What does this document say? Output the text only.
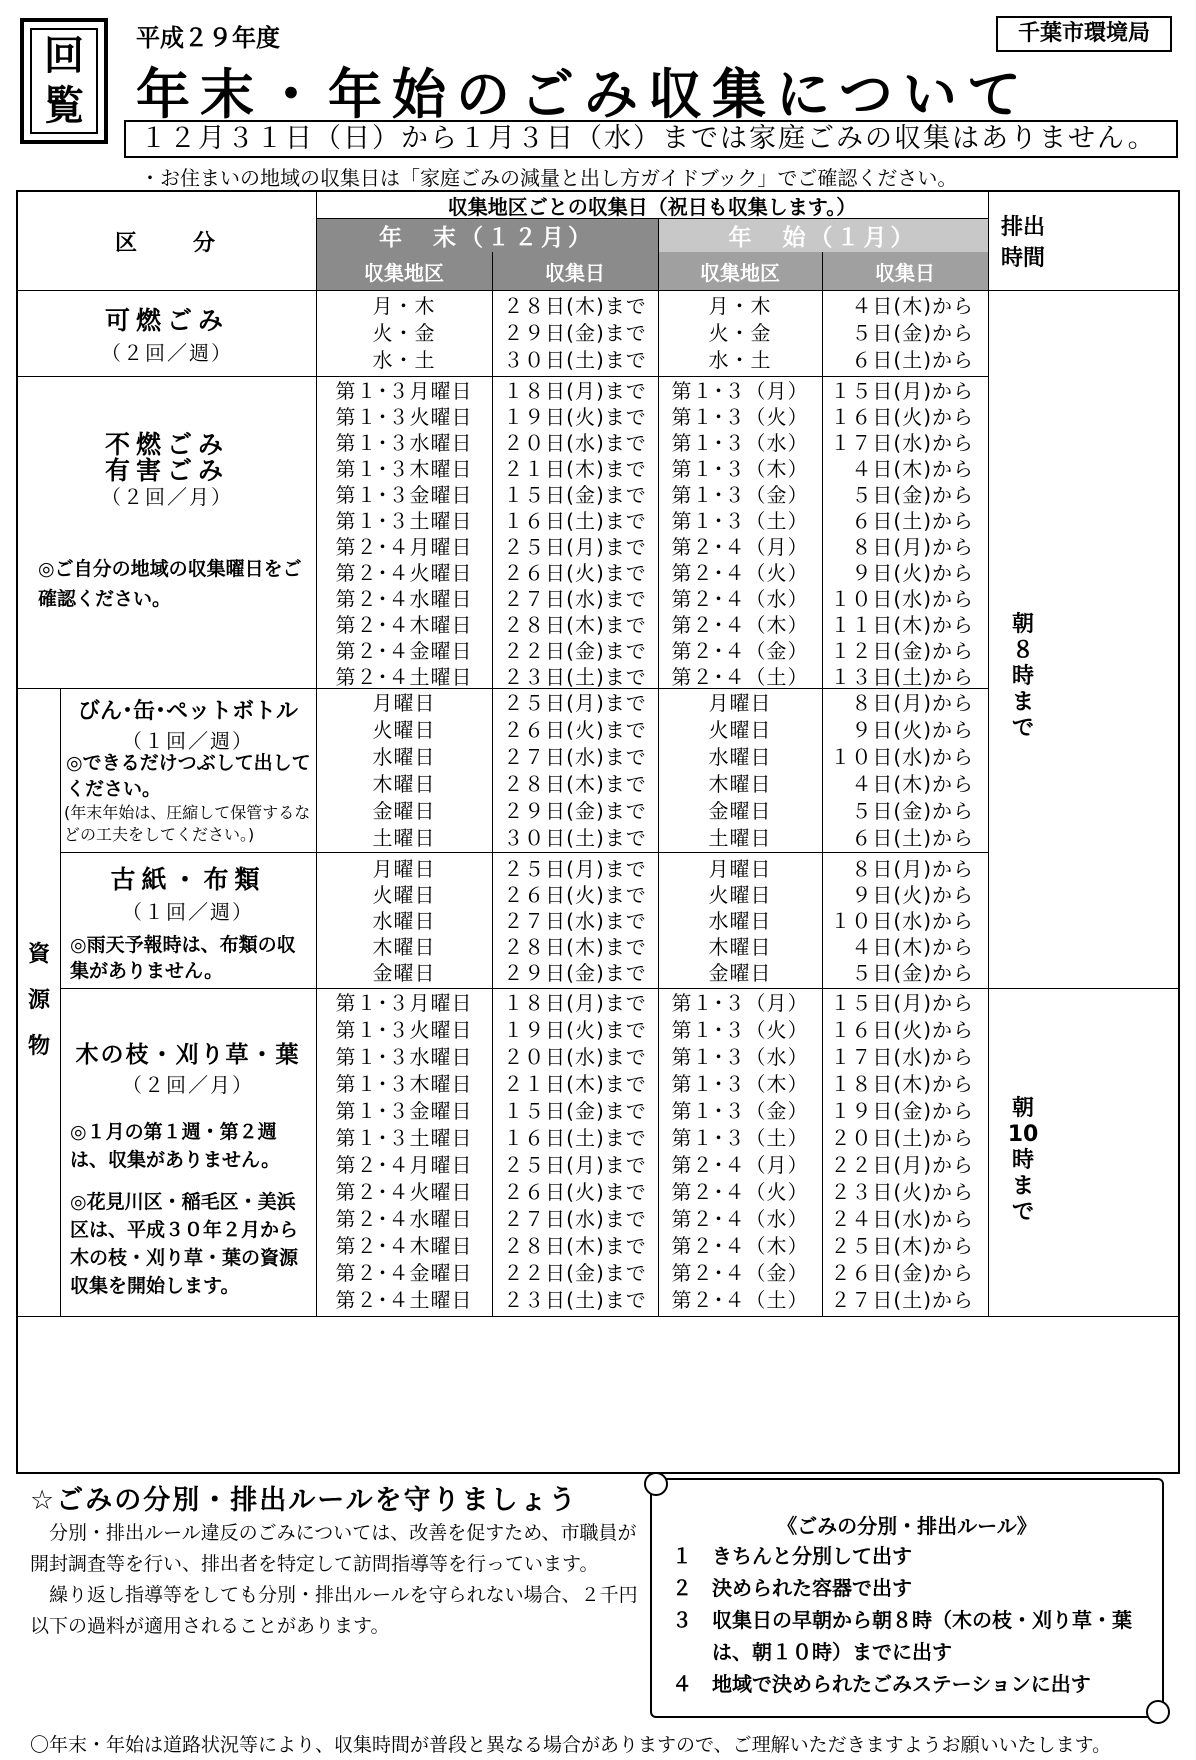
回
覧
平成２９年度	千葉市環境局
年末・年始のごみ収集について
１２月３１日（日）から１月３日（水）までは家庭ごみの収集はありません。
・お住まいの地域の収集日は「家庭ごみの減量と出し方ガイドブック」でご確認ください。
区　　分
収集地区ごとの収集日（祝日も収集します。）
年　末（１２月）	年　始（１月）
収集地区	収集日	収集地区	収集日
排出
時間
可燃ごみ
（２回／週）
月・木	２８日(木)まで	月・木	４日(木)から
火・金	２９日(金)まで	火・金	５日(金)から
水・土	３０日(土)まで	水・土	６日(土)から
不燃ごみ
有害ごみ
（２回／月）
◎ご自分の地域の収集曜日をご確認ください。
第１･３月曜日	１８日(月)まで	第１･３（月）	１５日(月)から
第１･３火曜日	１９日(火)まで	第１･３（火）	１６日(火)から
第１･３水曜日	２０日(水)まで	第１･３（水）	１７日(水)から
第１･３木曜日	２１日(木)まで	第１･３（木）	４日(木)から
第１･３金曜日	１５日(金)まで	第１･３（金）	５日(金)から
第１･３土曜日	１６日(土)まで	第１･３（土）	６日(土)から
第２･４月曜日	２５日(月)まで	第２･４（月）	８日(月)から
第２･４火曜日	２６日(火)まで	第２･４（火）	９日(火)から
第２･４水曜日	２７日(水)まで	第２･４（水）	１０日(水)から
第２･４木曜日	２８日(木)まで	第２･４（木）	１１日(木)から
第２･４金曜日	２２日(金)まで	第２･４（金）	１２日(金)から
第２･４土曜日	２３日(土)まで	第２･４（土）	１３日(土)から
資
源
物
びん･缶･ペットボトル
（１回／週）
◎できるだけつぶして出してください。
(年末年始は、圧縮して保管するなどの工夫をしてください。)
月曜日	２５日(月)まで	月曜日	８日(月)から
火曜日	２６日(火)まで	火曜日	９日(火)から
水曜日	２７日(水)まで	水曜日	１０日(水)から
木曜日	２８日(木)まで	木曜日	４日(木)から
金曜日	２９日(金)まで	金曜日	５日(金)から
土曜日	３０日(土)まで	土曜日	６日(土)から
古紙・布類
（１回／週）
◎雨天予報時は、布類の収集がありません。
月曜日	２５日(月)まで	月曜日	８日(月)から
火曜日	２６日(火)まで	火曜日	９日(火)から
水曜日	２７日(水)まで	水曜日	１０日(水)から
木曜日	２８日(木)まで	木曜日	４日(木)から
金曜日	２９日(金)まで	金曜日	５日(金)から
木の枝・刈り草・葉
（２回／月）
◎１月の第１週・第２週は、収集がありません。
◎花見川区・稲毛区・美浜区は、平成３０年２月から木の枝・刈り草・葉の資源収集を開始します。
第１･３月曜日	１８日(月)まで	第１･３（月）	１５日(月)から
第１･３火曜日	１９日(火)まで	第１･３（火）	１６日(火)から
第１･３水曜日	２０日(水)まで	第１･３（水）	１７日(水)から
第１･３木曜日	２１日(木)まで	第１･３（木）	１８日(木)から
第１･３金曜日	１５日(金)まで	第１･３（金）	１９日(金)から
第１･３土曜日	１６日(土)まで	第１･３（土）	２０日(土)から
第２･４月曜日	２５日(月)まで	第２･４（月）	２２日(月)から
第２･４火曜日	２６日(火)まで	第２･４（火）	２３日(火)から
第２･４水曜日	２７日(水)まで	第２･４（水）	２４日(水)から
第２･４木曜日	２８日(木)まで	第２･４（木）	２５日(木)から
第２･４金曜日	２２日(金)まで	第２･４（金）	２６日(金)から
第２･４土曜日	２３日(土)まで	第２･４（土）	２７日(土)から
朝
８
時
ま
で
朝
10
時
ま
で
☆ごみの分別・排出ルールを守りましょう
　分別・排出ルール違反のごみについては、改善を促すため、市職員が開封調査等を行い、排出者を特定して訪問指導等を行っています。
　繰り返し指導等をしても分別・排出ルールを守られない場合、２千円以下の過料が適用されることがあります。
《ごみの分別・排出ルール》
１　きちんと分別して出す
２　決められた容器で出す
３　収集日の早朝から朝８時（木の枝・刈り草・葉
　　は、朝１０時）までに出す
４　地域で決められたごみステーションに出す
〇年末・年始は道路状況等により、収集時間が普段と異なる場合がありますので、ご理解いただきますようお願いいたします。
